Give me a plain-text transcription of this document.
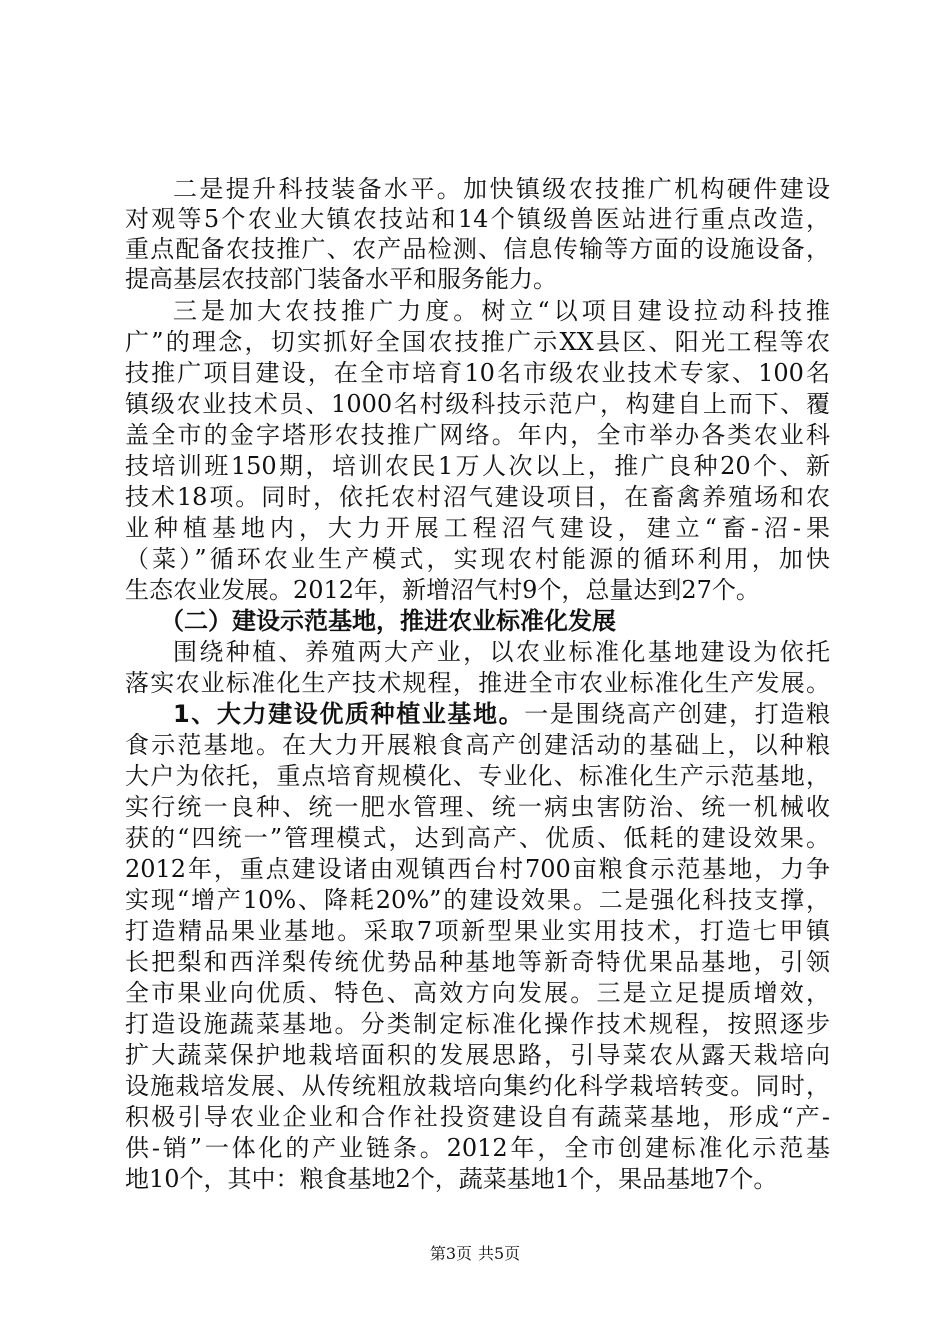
二是提升科技装备水平。加快镇级农技推广机构硬件建设
对观等5个农业大镇农技站和14个镇级兽医站进行重点改造，
重点配备农技推广、农产品检测、信息传输等方面的设施设备，
提高基层农技部门装备水平和服务能力。
三是加大农技推广力度。树立“以项目建设拉动科技推
广”的理念，切实抓好全国农技推广示XX县区、阳光工程等农
技推广项目建设，在全市培育10名市级农业技术专家、100名
镇级农业技术员、1000名村级科技示范户，构建自上而下、覆
盖全市的金字塔形农技推广网络。年内，全市举办各类农业科
技培训班150期，培训农民1万人次以上，推广良种20个、新
技术18项。同时，依托农村沼气建设项目，在畜禽养殖场和农
业种植基地内，大力开展工程沼气建设，建立“畜-沼-果
（菜）”循环农业生产模式，实现农村能源的循环利用，加快
生态农业发展。2012年，新增沼气村9个，总量达到27个。
（二）建设示范基地，推进农业标准化发展
围绕种植、养殖两大产业，以农业标准化基地建设为依托
落实农业标准化生产技术规程，推进全市农业标准化生产发展。
1、大力建设优质种植业基地。一是围绕高产创建，打造粮
食示范基地。在大力开展粮食高产创建活动的基础上，以种粮
大户为依托，重点培育规模化、专业化、标准化生产示范基地，
实行统一良种、统一肥水管理、统一病虫害防治、统一机械收
获的“四统一”管理模式，达到高产、优质、低耗的建设效果。
2012年，重点建设诸由观镇西台村700亩粮食示范基地，力争
实现“增产10%、降耗20%”的建设效果。二是强化科技支撑，
打造精品果业基地。采取7项新型果业实用技术，打造七甲镇
长把梨和西洋梨传统优势品种基地等新奇特优果品基地，引领
全市果业向优质、特色、高效方向发展。三是立足提质增效，
打造设施蔬菜基地。分类制定标准化操作技术规程，按照逐步
扩大蔬菜保护地栽培面积的发展思路，引导菜农从露天栽培向
设施栽培发展、从传统粗放栽培向集约化科学栽培转变。同时，
积极引导农业企业和合作社投资建设自有蔬菜基地，形成“产-
供-销”一体化的产业链条。2012年，全市创建标准化示范基
地10个，其中：粮食基地2个，蔬菜基地1个，果品基地7个。
第3页 共5页
